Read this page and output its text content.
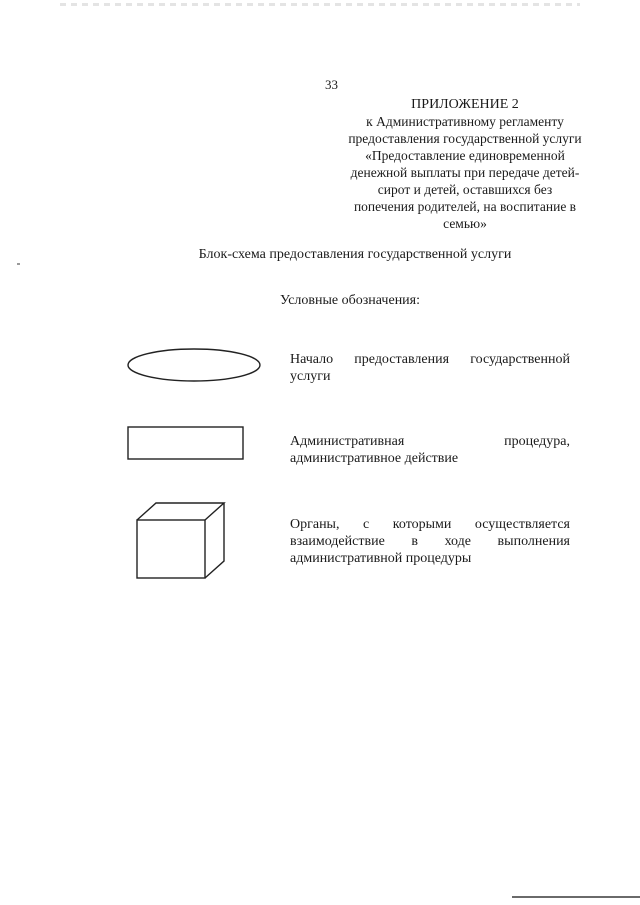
33
ПРИЛОЖЕНИЕ 2
к Административному регламенту
предоставления государственной услуги
«Предоставление единовременной
денежной выплаты при передаче детей-
сирот и детей, оставшихся без
попечения родителей, на воспитание в
семью»
Блок-схема предоставления государственной услуги
Условные обозначения:
Начало предоставления государственной
услуги
Административная процедура,
административное действие
Органы, с которыми осуществляется
взаимодействие в ходе выполнения
административной процедуры
